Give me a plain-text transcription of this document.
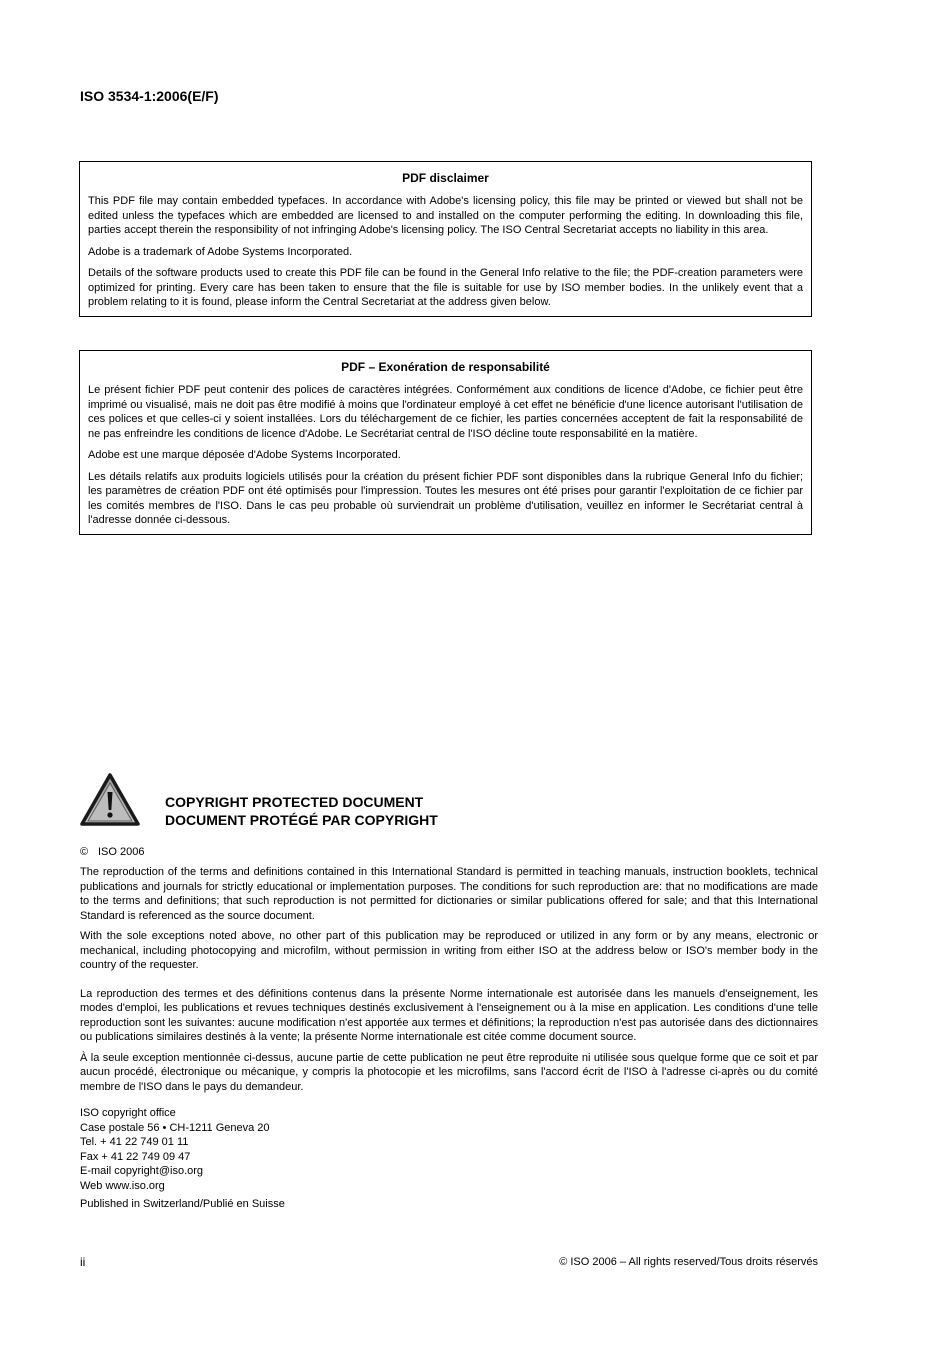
ISO 3534-1:2006(E/F)

PDF disclaimer

This PDF file may contain embedded typefaces. In accordance with Adobe's licensing policy, this file may be printed or viewed but shall not be edited unless the typefaces which are embedded are licensed to and installed on the computer performing the editing. In downloading this file, parties accept therein the responsibility of not infringing Adobe's licensing policy. The ISO Central Secretariat accepts no liability in this area.

Adobe is a trademark of Adobe Systems Incorporated.

Details of the software products used to create this PDF file can be found in the General Info relative to the file; the PDF-creation parameters were optimized for printing. Every care has been taken to ensure that the file is suitable for use by ISO member bodies. In the unlikely event that a problem relating to it is found, please inform the Central Secretariat at the address given below.

PDF – Exonération de responsabilité

Le présent fichier PDF peut contenir des polices de caractères intégrées. Conformément aux conditions de licence d'Adobe, ce fichier peut être imprimé ou visualisé, mais ne doit pas être modifié à moins que l'ordinateur employé à cet effet ne bénéficie d'une licence autorisant l'utilisation de ces polices et que celles-ci y soient installées. Lors du téléchargement de ce fichier, les parties concernées acceptent de fait la responsabilité de ne pas enfreindre les conditions de licence d'Adobe. Le Secrétariat central de l'ISO décline toute responsabilité en la matière.

Adobe est une marque déposée d'Adobe Systems Incorporated.

Les détails relatifs aux produits logiciels utilisés pour la création du présent fichier PDF sont disponibles dans la rubrique General Info du fichier; les paramètres de création PDF ont été optimisés pour l'impression. Toutes les mesures ont été prises pour garantir l'exploitation de ce fichier par les comités membres de l'ISO. Dans le cas peu probable où surviendrait un problème d'utilisation, veuillez en informer le Secrétariat central à l'adresse donnée ci-dessous.

COPYRIGHT PROTECTED DOCUMENT
DOCUMENT PROTÉGÉ PAR COPYRIGHT

© ISO 2006

The reproduction of the terms and definitions contained in this International Standard is permitted in teaching manuals, instruction booklets, technical publications and journals for strictly educational or implementation purposes. The conditions for such reproduction are: that no modifications are made to the terms and definitions; that such reproduction is not permitted for dictionaries or similar publications offered for sale; and that this International Standard is referenced as the source document.

With the sole exceptions noted above, no other part of this publication may be reproduced or utilized in any form or by any means, electronic or mechanical, including photocopying and microfilm, without permission in writing from either ISO at the address below or ISO's member body in the country of the requester.

La reproduction des termes et des définitions contenus dans la présente Norme internationale est autorisée dans les manuels d'enseignement, les modes d'emploi, les publications et revues techniques destinés exclusivement à l'enseignement ou à la mise en application. Les conditions d'une telle reproduction sont les suivantes: aucune modification n'est apportée aux termes et définitions; la reproduction n'est pas autorisée dans des dictionnaires ou publications similaires destinés à la vente; la présente Norme internationale est citée comme document source.

À la seule exception mentionnée ci-dessus, aucune partie de cette publication ne peut être reproduite ni utilisée sous quelque forme que ce soit et par aucun procédé, électronique ou mécanique, y compris la photocopie et les microfilms, sans l'accord écrit de l'ISO à l'adresse ci-après ou du comité membre de l'ISO dans le pays du demandeur.

ISO copyright office
Case postale 56 • CH-1211 Geneva 20
Tel. + 41 22 749 01 11
Fax + 41 22 749 09 47
E-mail copyright@iso.org
Web www.iso.org

Published in Switzerland/Publié en Suisse

ii	© ISO 2006 – All rights reserved/Tous droits réservés
